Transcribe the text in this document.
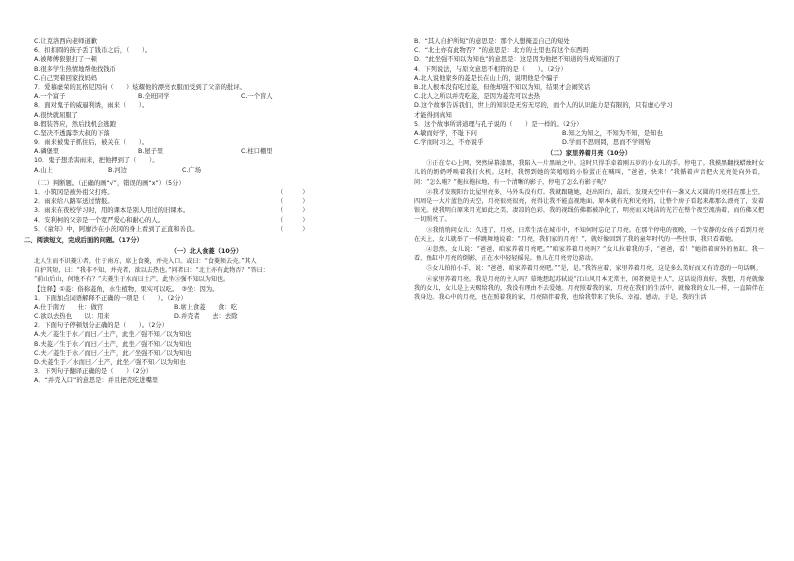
C.让克洛西向老师道歉
6．扣扣圆的孩子丢了钱币之后，（　　）。
A.被师傅狠狠打了一顿
B.很多学生热情地帮他找钱币
C.自己哭着回家找妈妈
7．爱慕虚荣的瓦格尼因向（　　）炫耀他的漂亮衣服而受到了父亲的批评。
A.一个富子	B.全班同学	C.一个盲人
8．面对鬼子的威逼利诱，雨来（　　）。
A.很快就屈服了
B.假装答应，然后找机会逃跑
C.坚决不透露李大叔的下落
9．雨来被鬼子抓住后，被关在（　　）。
A.磷堡里	B.屋子里	C.柱口棚里
10．鬼子想杀害雨来，把他押到了（　　）。
A.山上	B.河边	C.广场
（二）判断题。（正确的画“√”，错误的画“x”）（5分）
1．小筑冈是被外祖父打疼。	（　　　）
2．雨来给八路军送过情报。	（　　　）
3．雨来在夜校学习时，用的课本是别人用过的旧课本。	（　　　）
4．安利柯的父亲是一个宽严爱心和耐心的人。	（　　　）
5．《童年》中，阿廖沙在小茨冈的身上看到了正直和善良。	（　　　）
二、阅读短文，完成后面的问题。（17分）
（一）北人食菱（10分）
北人生而不识菱①者，仕于南方，席上食菱，并壳入口。或曰：“食菱须去壳。”其人
自护其短，曰：“我非不知，并壳者，欲以去热也。”问者曰：“北土亦有此物否？”答曰：
“前山后山，何地不有？”夫菱生于水而曰土产，此坐③强不知以为知也。
【注释】①菱：俗称菱角，水生植物，果实可以吃。　③坐：因为。
1．下面加点词语解释不正确的一项是（　　）。（2分）
A.仕于南方　　仕：做官	B.席上食菱　　食：吃
C.欲以去热也　　以：用来	D.并壳者　　去：去除
2．下面句子停顿划分正确的是（　　）。（2分）
A.夫／菱生于水／而曰／土产，此坐／强不知／以为知也
B.夫菱／生于水／而曰／土产，此坐／强不知／以为知也
C.夫／菱生于水／而曰／土产，此／坐强不知／以为知也
D.夫菱生于／水而曰／土产，此坐／强不知／以为知也
3．下列句子翻译正确的是（　　）（2分）
A．“并壳入口”的意思是：并且把壳吃进嘴里
B．“其人自护所短”的意思是：那个人想掩盖自己的短处
C．“北土亦有此物否？”的意思是：北方的土里也有这个东西吗
D．“此坐强不知以为知也”的意思是：这是因为他把不知道的当成知道的了
4．下列说法，与原文意思不相符的是（　　）。（2分）
A.北人说他家乡的菱是长在山上的，说明他是个骗子
B.北人根本没有吃过菱，但他却强不知以为知，结果才会闹笑话
C.北人之所以并壳吃菱，是因为菱壳可以去热
D.这个故事告诉我们，世上的知识是无穷无尽的，而个人的认识能力是有限的，只有虚心学习
才能得到真知
5．这个故事所讲道理与孔子说的（　　）是一样的。（2分）
A.敏而好学，不耻下问	B.知之为知之，不知为不知，是知也
C.学而时习之，不亦说乎	D.学而不思则罔，思而不学则殆
（二）家里养着月亮（10分）

①正在专心上网，突然屏幕漆黑，我陷入一片黑暗之中。这时只得手牵着刚五岁的小女儿的手。停电了。我摸黑翻找蜡烛时女儿的的奶奶呼唤着我打火机。这时，我愣到她的笑嘻嘻的小脸蛋正在喊叫，“爸爸，快来！”我循着声音把火光亮处向外看，问：“怎么啦？”拖拉拖拉地，有一个清晰的影子，停电了怎么有影子呢？

②我才发现阳台比屋里亮多，马外头没有灯。我就跟随她，赶出阳台，最后，发现天空中有一盏又大又圆的月亮挂在那上空，四周是一大片蓝色的天空，月亮很亮很亮，亮得让我不能直视地面，原本就有光和光亮的，让整个房子看起来都那么漂亮了，发着银光。使我明白原来月光如此之美，凄凉的色彩，我的视线仿佛都被净化了，明亮而又纯洁的光芒在整个夜空流淌着，而仿佛又把一切照亮了。

③我悄悄问女儿：久违了，月亮，日常生活在城市中，不知何时忘记了月亮。在那个停电的夜晚，一个安静的女孩子看到月亮在天上，女儿就举了一样跳舞地说着：“月亮，我们家的月亮！”，就好像回到了我的童年时代的一些往事，我只看着她。

④忽然，女儿说：“爸爸，咱家养着月亮吧。”“咱家养着月亮吗？”女儿拉着我的手，“爸爸，看！”她指着窗外的鱼缸。我一看，鱼缸中月亮的倒影，正在水中轻轻摇晃。鱼儿在月亮旁边游动。

⑤女儿拍拍小手，说：“爸爸，咱家养着月亮吧。”“是，是。”我答应着，家里养着月亮，这是多么美好而又有诗意的一句话啊。

⑥家里养着月亮。我是月亮的主人吗？慕地想起苏轼说“江山风月本无常主，闲者便是主人”，这话说得真好。我想，月亮就像我的女儿，女儿是上天赐给我的，我没有理由不去爱她。月亮照着我的家，月亮在我们的生活中，就像我的女儿一样，一直陪伴在我身边。我心中的月亮，也在照着我的家，月亮陪伴着我，也给我带来了快乐、幸福、感动。于是，我的生活
